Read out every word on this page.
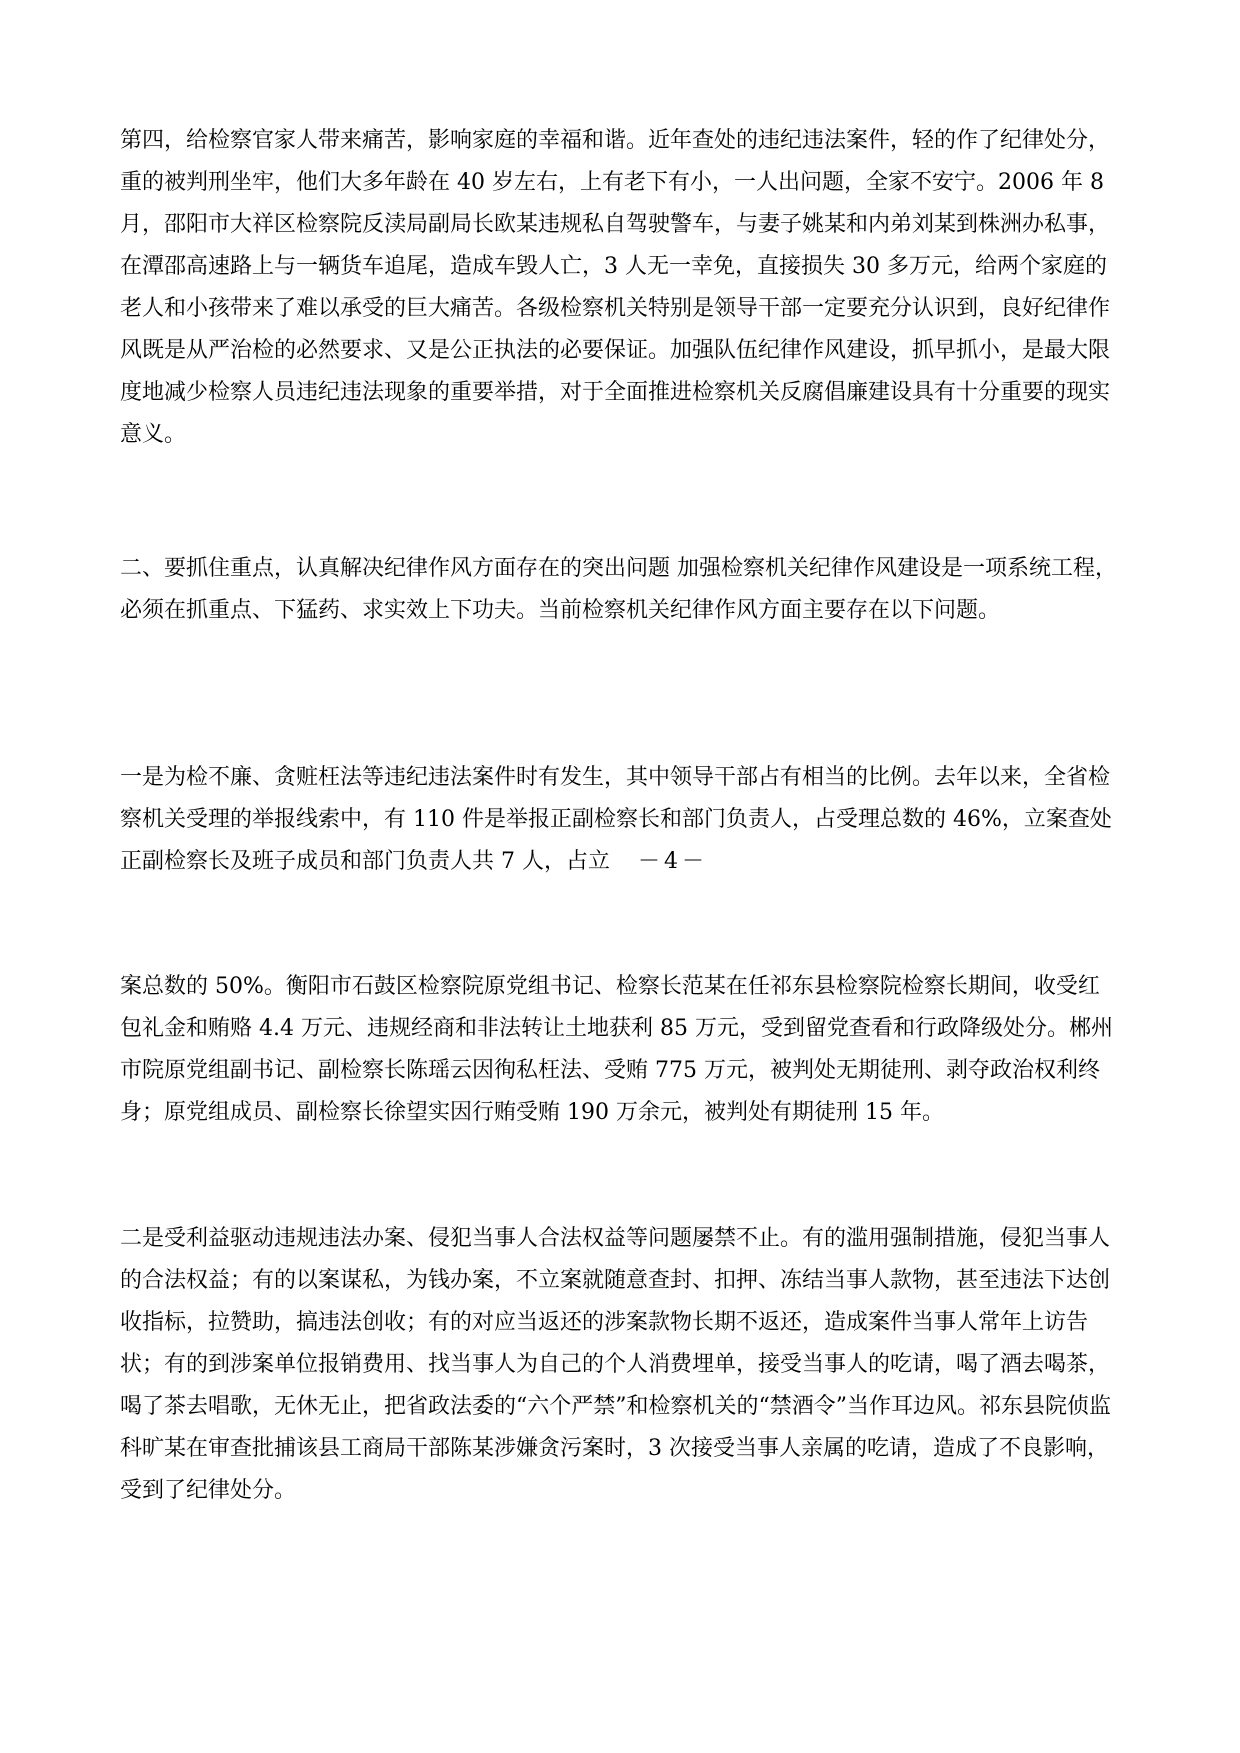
第四，给检察官家人带来痛苦，影响家庭的幸福和谐。近年查处的违纪违法案件，轻的作了纪律处分，重的被判刑坐牢，他们大多年龄在 40 岁左右，上有老下有小，一人出问题，全家不安宁。2006 年 8 月，邵阳市大祥区检察院反渎局副局长欧某违规私自驾驶警车，与妻子姚某和内弟刘某到株洲办私事，在潭邵高速路上与一辆货车追尾，造成车毁人亡，3 人无一幸免，直接损失 30 多万元，给两个家庭的老人和小孩带来了难以承受的巨大痛苦。各级检察机关特别是领导干部一定要充分认识到，良好纪律作风既是从严治检的必然要求、又是公正执法的必要保证。加强队伍纪律作风建设，抓早抓小，是最大限度地减少检察人员违纪违法现象的重要举措，对于全面推进检察机关反腐倡廉建设具有十分重要的现实意义。

二、要抓住重点，认真解决纪律作风方面存在的突出问题 加强检察机关纪律作风建设是一项系统工程，必须在抓重点、下猛药、求实效上下功夫。当前检察机关纪律作风方面主要存在以下问题。

一是为检不廉、贪赃枉法等违纪违法案件时有发生，其中领导干部占有相当的比例。去年以来，全省检察机关受理的举报线索中，有 110 件是举报正副检察长和部门负责人，占受理总数的 46%，立案查处正副检察长及班子成员和部门负责人共 7 人，占立 －4－

案总数的 50%。衡阳市石鼓区检察院原党组书记、检察长范某在任祁东县检察院检察长期间，收受红包礼金和贿赂 4.4 万元、违规经商和非法转让土地获利 85 万元，受到留党查看和行政降级处分。郴州市院原党组副书记、副检察长陈瑶云因徇私枉法、受贿 775 万元，被判处无期徒刑、剥夺政治权利终身；原党组成员、副检察长徐望实因行贿受贿 190 万余元，被判处有期徒刑 15 年。

二是受利益驱动违规违法办案、侵犯当事人合法权益等问题屡禁不止。有的滥用强制措施，侵犯当事人的合法权益；有的以案谋私，为钱办案，不立案就随意查封、扣押、冻结当事人款物，甚至违法下达创收指标，拉赞助，搞违法创收；有的对应当返还的涉案款物长期不返还，造成案件当事人常年上访告状；有的到涉案单位报销费用、找当事人为自己的个人消费埋单，接受当事人的吃请，喝了酒去喝茶，喝了茶去唱歌，无休无止，把省政法委的“六个严禁”和检察机关的“禁酒令”当作耳边风。祁东县院侦监科旷某在审查批捕该县工商局干部陈某涉嫌贪污案时，3 次接受当事人亲属的吃请，造成了不良影响，受到了纪律处分。
